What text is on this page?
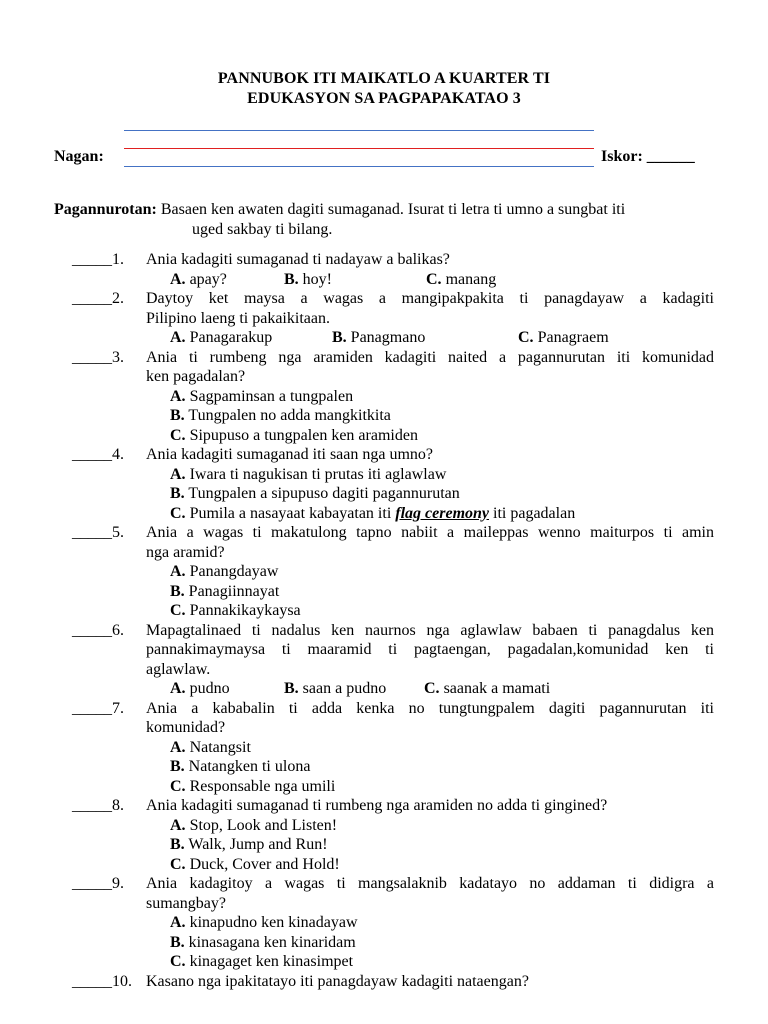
PANNUBOK ITI MAIKATLO A KUARTER TI
EDUKASYON SA PAGPAPAKATAO 3
Nagan:	Iskor: ______
Pagannurotan: Basaen ken awaten dagiti sumaganad. Isurat ti letra ti umno a sungbat iti
uged sakbay ti bilang.
_____1. Ania kadagiti sumaganad ti nadayaw a balikas?
A. apay?	B. hoy!	C. manang
_____2. Daytoy ket maysa a wagas a mangipakpakita ti panagdayaw a kadagiti
Pilipino laeng ti pakaikitaan.
A. Panagarakup	B. Panagmano	C. Panagraem
_____3. Ania ti rumbeng nga aramiden kadagiti naited a pagannurutan iti komunidad
ken pagadalan?
A. Sagpaminsan a tungpalen
B. Tungpalen no adda mangkitkita
C. Sipupuso a tungpalen ken aramiden
_____4. Ania kadagiti sumaganad iti saan nga umno?
A. Iwara ti nagukisan ti prutas iti aglawlaw
B. Tungpalen a sipupuso dagiti pagannurutan
C. Pumila a nasayaat kabayatan iti flag ceremony iti pagadalan
_____5. Ania a wagas ti makatulong tapno nabiit a maileppas wenno maiturpos ti amin
nga aramid?
A. Panangdayaw
B. Panagiinnayat
C. Pannakikaykaysa
_____6. Mapagtalinaed ti nadalus ken naurnos nga aglawlaw babaen ti panagdalus ken
pannakimaymaysa ti maaramid ti pagtaengan, pagadalan,komunidad ken ti
aglawlaw.
A. pudno	B. saan a pudno	C. saanak a mamati
_____7. Ania a kababalin ti adda kenka no tungtungpalem dagiti pagannurutan iti
komunidad?
A. Natangsit
B. Natangken ti ulona
C. Responsable nga umili
_____8. Ania kadagiti sumaganad ti rumbeng nga aramiden no adda ti gingined?
A. Stop, Look and Listen!
B. Walk, Jump and Run!
C. Duck, Cover and Hold!
_____9. Ania kadagitoy a wagas ti mangsalaknib kadatayo no addaman ti didigra a
sumangbay?
A. kinapudno ken kinadayaw
B. kinasagana ken kinaridam
C. kinagaget ken kinasimpet
_____10. Kasano nga ipakitatayo iti panagdayaw kadagiti nataengan?
